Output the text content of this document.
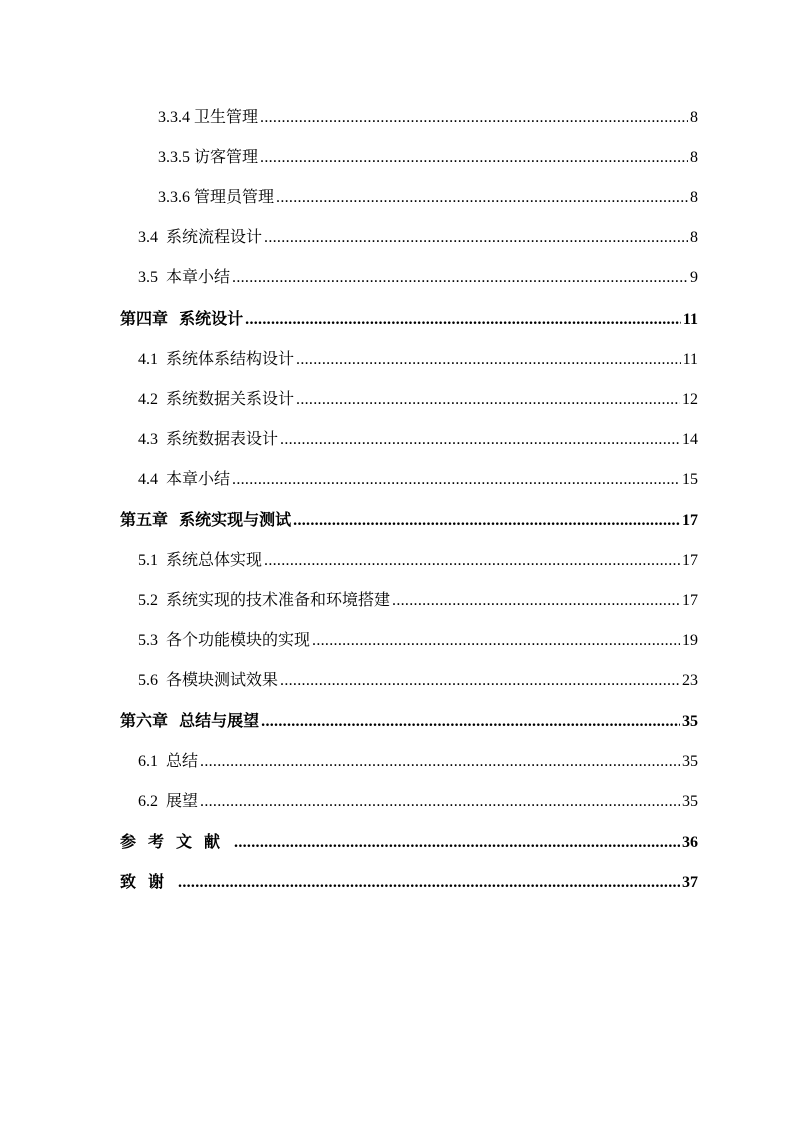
3.3.4 卫生管理 .....	8
3.3.5 访客管理 .....	8
3.3.6 管理员管理 .....	8
3.4 系统流程设计 .....	8
3.5 本章小结 .....	9
第四章  系统设计 .....	11
4.1 系统体系结构设计 .....	11
4.2 系统数据关系设计 .....	12
4.3 系统数据表设计 .....	14
4.4 本章小结 .....	15
第五章  系统实现与测试 .....	17
5.1 系统总体实现 .....	17
5.2 系统实现的技术准备和环境搭建 .....	17
5.3 各个功能模块的实现 .....	19
5.6 各模块测试效果 .....	23
第六章  总结与展望 .....	35
6.1 总结 .....	35
6.2 展望 .....	35
参考文献 .....	36
致谢 .....	37
